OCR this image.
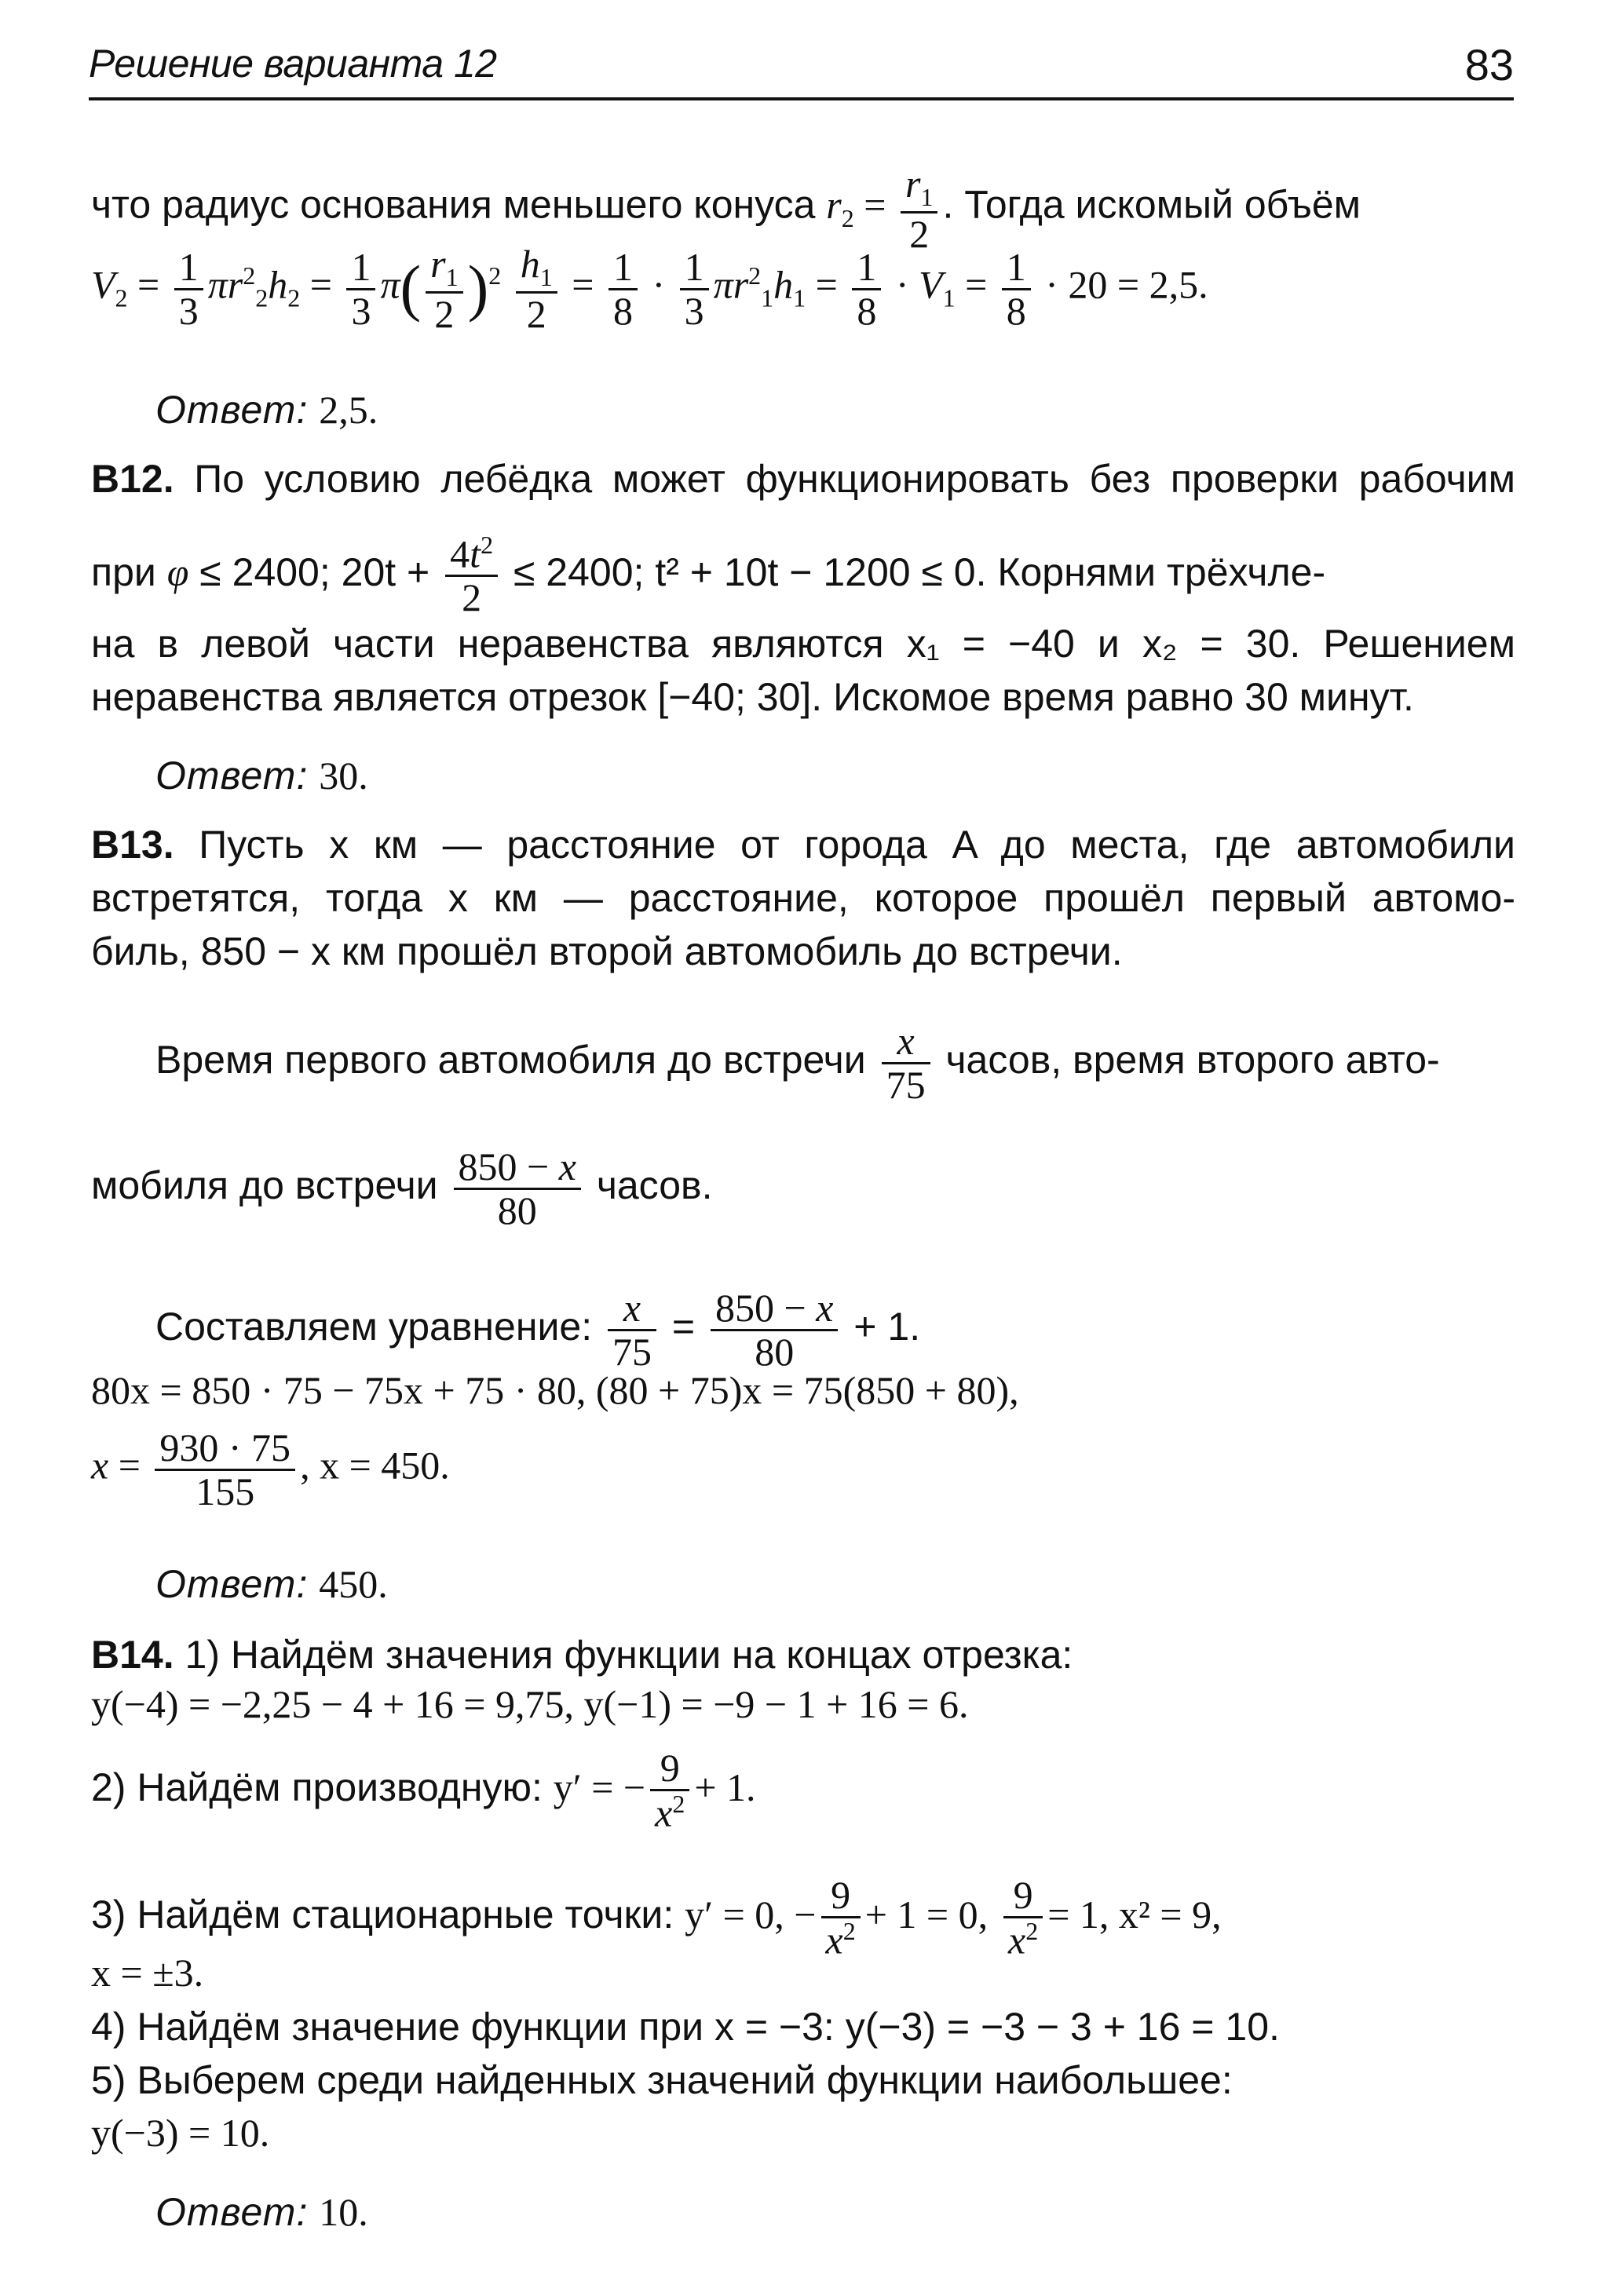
Решение варианта 12	83
что радиус основания меньшего конуса $r_2 = \frac{r_1}{2}$ . Тогда искомый объём
$V_2 = \frac{1}{3} \pi r^2_2h_2 = \frac{1}{3} \pi( \frac{r_1}{2} )^2 \frac{h_1}{2} = \frac{1}{8} \cdot \frac{1}{3} \pi r^2_1h_1 = \frac{1}{8} \cdot V_1 = \frac{1}{8} \cdot 20 = 2,5$.
Ответ: 2,5.
B12. По условию лебёдка может функционировать без проверки рабочим
при φ ≤ 2400; $20t + \frac{4t^2}{2} \le 2400$; t² + 10t − 1200 ≤ 0. Корнями трёхчле-
на в левой части неравенства являются x₁ = −40 и x₂ = 30. Решением
неравенства является отрезок [−40; 30]. Искомое время равно 30 минут.
Ответ: 30.
B13. Пусть x км — расстояние от города A до места, где автомобили
встретятся, тогда x км — расстояние, которое прошёл первый автомо-
биль, 850 − x км прошёл второй автомобиль до встречи.
Время первого автомобиля до встречи $\frac{x}{75}$ часов, время второго авто-
мобиля до встречи $\frac{850 - x}{80}$ часов.
Составляем уравнение: $\frac{x}{75} = \frac{850 - x}{80} + 1$.
80x = 850 · 75 − 75x + 75 · 80, (80 + 75)x = 75(850 + 80),
$x = \frac{930 \cdot 75}{155}$ , x = 450.
Ответ: 450.
B14. 1) Найдём значения функции на концах отрезка:
y(−4) = −2,25 − 4 + 16 = 9,75, y(−1) = −9 − 1 + 16 = 6.
2) Найдём производную: y′ = − $\frac{9}{x^2} + 1$.
3) Найдём стационарные точки: y′ = 0, − $\frac{9}{x^2} + 1 = 0$, $\frac{9}{x^2} = 1$, x² = 9,
x = ±3.
4) Найдём значение функции при x = −3: y(−3) = −3 − 3 + 16 = 10.
5) Выберем среди найденных значений функции наибольшее:
y(−3) = 10.
Ответ: 10.
